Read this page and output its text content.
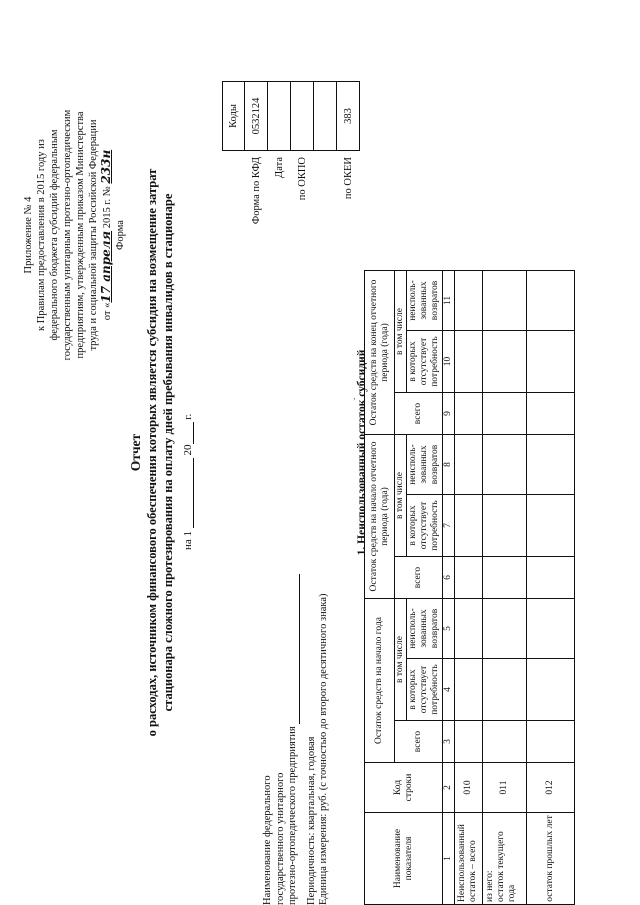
Приложение № 4 к Правилам предоставления в 2015 году из федерального бюджета субсидий федеральным государственным унитарным протезно-ортопедическим предприятиям, утвержденным приказом Министерства труда и социальной защиты Российской Федерации от «17 апреля 2015 г. № 233н
Форма
Отчет о расходах, источником финансового обеспечения которых является субсидия на возмещение затрат стационара сложного протезирования на оплату дней пребывания инвалидов в стационаре на 1  20 г.
	Коды
Форма по КФД	0532124
Дата	
по ОКПО	

по ОКЕИ	383
Наименование федерального государственного унитарного протезно-ортопедического предприятия Периодичность: квартальная, годовая Единица измерения: руб. (с точностью до второго десятичного знака)
. 1. Неиспользованный остаток субсидий
Наименование показателя	Код строки	Остаток средств на начало года			Остаток средств на начало отчетного периода (года)			Остаток средств на конец отчетного периода (года)		
		всего	в том числе		всего	в том числе		всего	в том числе	
			в которых отсутствует потребность	неисполь-зованных возвратов		в которых отсутствует потребность	неисполь-зованных возвратов		в которых отсутствует потребность	неисполь-зованных возвратов
1	2	3	4	5	6	7	8	9	10	11
Неиспользованный остаток – всего	010									
из него:
остаток текущего года	011									
остаток прошлых лет	012									
